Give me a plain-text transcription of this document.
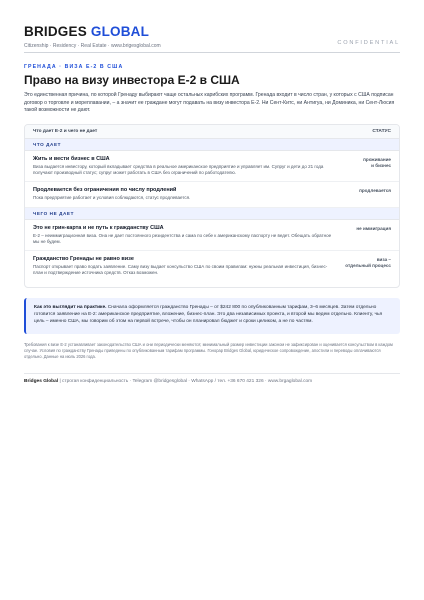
BRIDGES GLOBAL
Citizenship · Residency · Real Estate · www.brigesglobal.com	CONFIDENTIAL
ГРЕНАДА · ВИЗА Е-2 В США
Право на визу инвестора Е-2 в США

Это единственная причина, по которой Гренаду выбирают чаще остальных карибских программ. Гренада входит в число стран, у которых с США подписан договор о торговле и мореплавании, – а значит ее граждане могут подавать на визу инвестора Е-2. Ни Сент-Китс, ни Антигуа, ни Доминика, ни Сент-Люсия такой возможности не дают.

Что дает Е-2 и чего не дает	СТАТУС
ЧТО ДАЕТ
Жить и вести бизнес в США
Виза выдается инвестору, который вкладывает средства в реальное американское предприятие и управляет им. Супруг и дети до 21 года получают производный статус; супруг может работать в США без ограничений по работодателю.
проживание
и бизнес
Продлевается без ограничения по числу продлений
Пока предприятие работает и условия соблюдаются, статус продлевается.
продлевается
ЧЕГО НЕ ДАЕТ
Это не грин-карта и не путь к гражданству США
Е-2 – неиммиграционная виза. Она не дает постоянного резидентства и сама по себе к американскому паспорту не ведет. Обещать обратное мы не будем.
не иммиграция
Гражданство Гренады не равно визе
Паспорт открывает право подать заявление. Саму визу выдает консульство США по своим правилам: нужны реальная инвестиция, бизнес-план и подтверждение источника средств. Отказ возможен.
виза –
отдельный процесс

Как это выглядит на практике. Сначала оформляется гражданство Гренады – от $242 800 по опубликованным тарифам, 3–6 месяцев. Затем отдельно готовится заявление на Е-2: американское предприятие, вложение, бизнес-план. Это два независимых проекта, и второй мы ведем отдельно. Клиенту, чья цель – именно США, мы говорим об этом на первой встрече, чтобы он планировал бюджет и сроки целиком, а не по частям.

Требования к визе Е-2 устанавливает законодательство США и они периодически меняются; минимальный размер инвестиции законом не зафиксирован и оценивается консульством в каждом случае. Условия по гражданству Гренады приведены по опубликованным тарифам программы. Гонорар Bridges Global, юридическое сопровождение, апостили и переводы оплачиваются отдельно. Данные на июль 2026 года.

Bridges Global | строгая конфиденциальность · Telegram @bridgesglobal · WhatsApp / тел. +36 670 421 326 · www.brgaglobal.com
